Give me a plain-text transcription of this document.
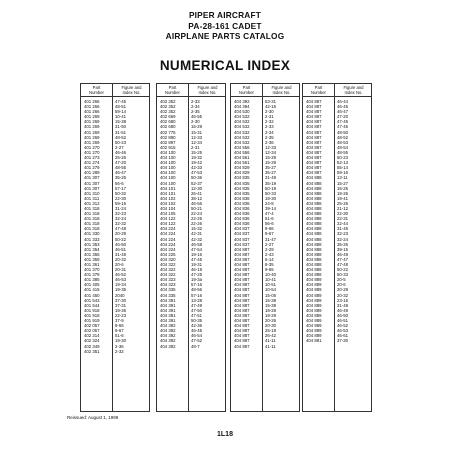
PIPER AIRCRAFT
PA-28-161 CADET
AIRPLANE PARTS CATALOG
NUMERICAL INDEX
Part
Number
Figure and
Index No.
401 266	47-45
401 266	48-51
401 266	59-14
401 269	10-41
401 269	15-38
401 269	31-50
401 269	31-51
401 269	48-52
401 269	50-23
401 270	2-27
401 270	46-46
401 273	25-26
401 274	47-20
401 279	48-55
401 289	46-47
401 307	35-25
401 307	56-6
401 307	57-17
401 310	50-32
401 311	22-30
401 312	59-15
401 318	31-24
401 318	32-23
401 318	32-24
401 318	32-32
401 318	47-48
401 330	20-29
401 333	50-22
401 353	46-50
401 354	46-51
401 355	31-48
401 359	20-32
401 361	20-6
401 370	20-31
401 378	46-52
401 385	46-53
401 405	19-34
401 415	19-35
401 450	2040
401 543	37-30
401 544	37-31
401 918	19-36
401 918	22-23
401 919	37-9
402 057	9-66
402 057	9-67
402 314	51-6
402 324	19-30
402 349	2-36
402 351	2-32
Part
Number
Figure and
Index No.
402 352	2-33
402 352	2-34
402 352	2-35
402 669	46-55
402 680	2-30
402 680	15-29
402 775	15-31
402 890	12-33
402 897	12-34
402 915	2-31
404 100	15-25
404 100	19-32
404 100	19-42
404 100	42-33
404 100	47-53
404 100	50-36
404 100	52-37
404 101	12-30
404 101	26-41
404 102	38-12
404 102	46-56
404 104	50-21
404 105	22-24
404 122	22-25
404 122	22-26
404 224	15-32
404 224	42-31
404 224	42-32
404 224	46-58
404 224	47-54
404 225	19-16
404 320	47-45
404 322	19-31
404 322	46-19
404 322	47-25
404 323	19-3a
404 323	57-16
404 335	48-56
404 335	57-16
404 391	13-28
404 391	47-49
404 391	47-50
404 391	47-51
404 391	50-35
404 392	42-36
404 392	46-45
404 392	46-54
404 392	47-52
404 392	48-7
Part
Number
Figure and
Index No.
404 392	53-31
404 394	42-15
404 530	2-30
404 532	2-31
404 532	2-32
404 532	2-33
404 532	2-34
404 532	2-35
404 532	2-36
404 556	12-33
404 556	12-34
404 561	15-29
404 561	15-29
404 829	35-27
404 829	35-27
404 835	31-49
404 835	35-19
404 835	50-19
404 835	50-33
404 836	19-30
404 836	24-8
404 836	39-14
404 836	47-4
404 836	51-6
404 836	56-6
404 837	9-66
404 837	9-67
404 837	31-47
404 837	2-27
404 887	2-29
404 887	2-43
404 887	5-14
404 887	8-35
404 887	9-65
404 887	10-40
404 887	10-41
404 887	10-51
404 887	10-54
404 887	15-05
404 887	15-38
404 887	15-38
404 887	19-28
404 887	19-29
404 887	20-26
404 887	20-30
404 887	25-19
404 887	26-42
404 887	41-11
404 887	41-11
Part
Number
Figure and
Index No.
404 887	46-44
404 887	46-45
404 887	46-47
404 887	47-20
404 887	47-45
404 887	47-46
404 887	48-50
404 887	48-52
404 887	48-53
404 887	48-54
404 887	48-55
404 887	50-23
404 887	52-13
404 887	55-14
404 887	59-16
404 888	13-11
404 888	15-27
404 888	15-25
404 888	19-26
404 888	19-41
404 888	25-26
404 888	21-12
404 888	22-30
404 888	22-31
404 888	22-44
404 888	31-46
404 888	32-23
404 888	32-24
404 888	35-26
404 888	39-15
404 888	46-49
404 888	47-47
404 888	47-48
404 888	50-22
404 888	50-33
404 889	20-5
404 889	20-6
404 889	20-29
404 889	20-32
404 889	23-15
404 889	31-48
404 889	46-49
404 889	46-50
404 889	46-51
404 889	46-52
404 889	46-53
404 889	46-61
404 881	37-30
Reissued: August 1, 1999
1L18
